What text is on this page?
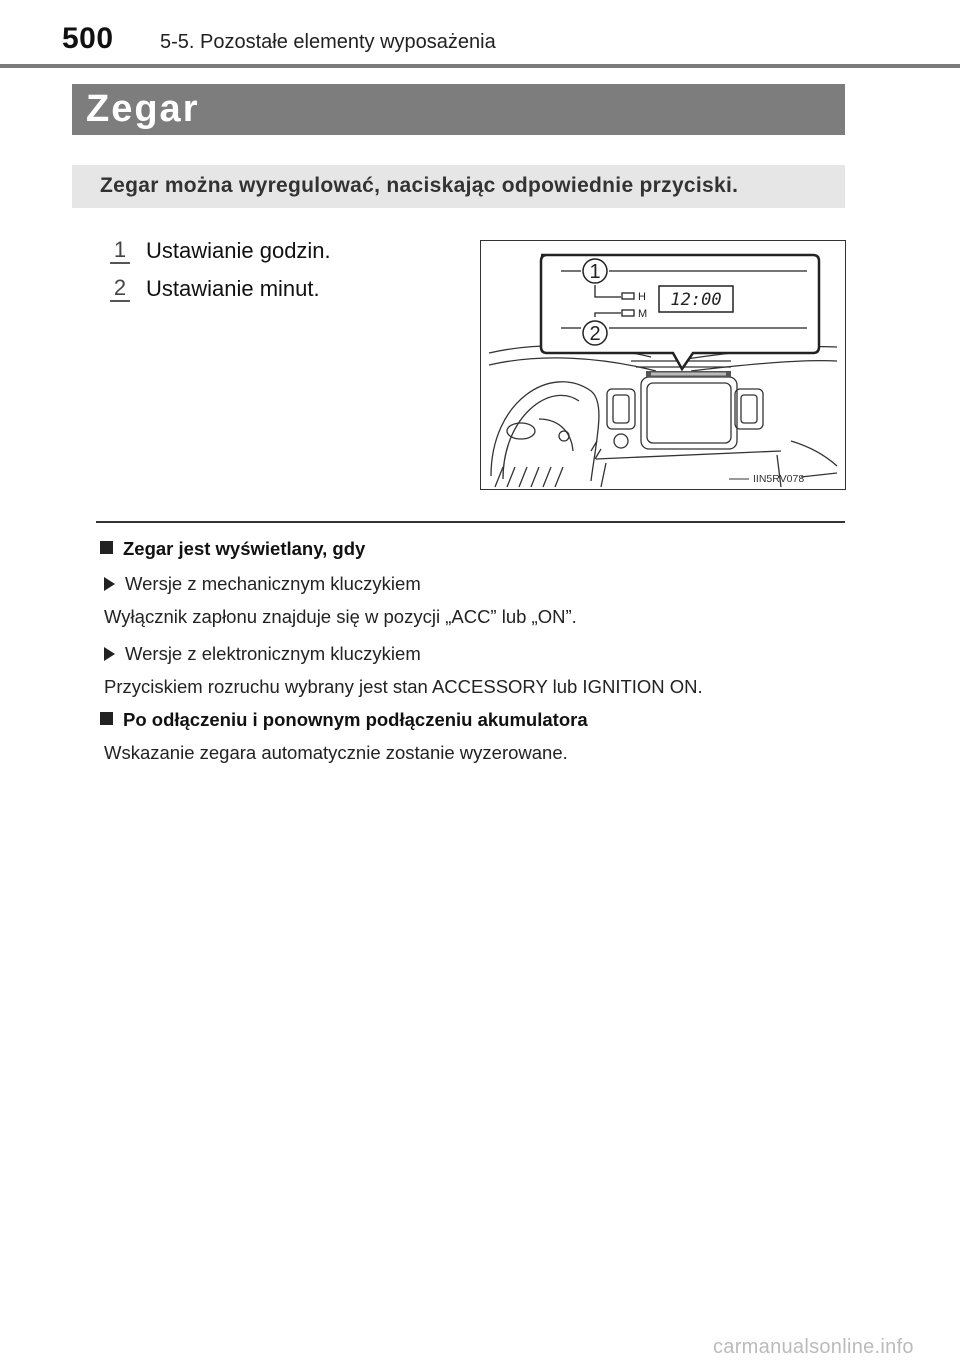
500 5-5. Pozostałe elementy wyposażenia
Zegar
Zegar można wyregulować, naciskając odpowiednie przyciski.
1 Ustawianie godzin.
2 Ustawianie minut.
1
2
H
M
12:00
IIN5RV078
Zegar jest wyświetlany, gdy
Wersje z mechanicznym kluczykiem
Wyłącznik zapłonu znajduje się w pozycji „ACC” lub „ON”.
Wersje z elektronicznym kluczykiem
Przyciskiem rozruchu wybrany jest stan ACCESSORY lub IGNITION ON.
Po odłączeniu i ponownym podłączeniu akumulatora
Wskazanie zegara automatycznie zostanie wyzerowane.
carmanualsonline.info
